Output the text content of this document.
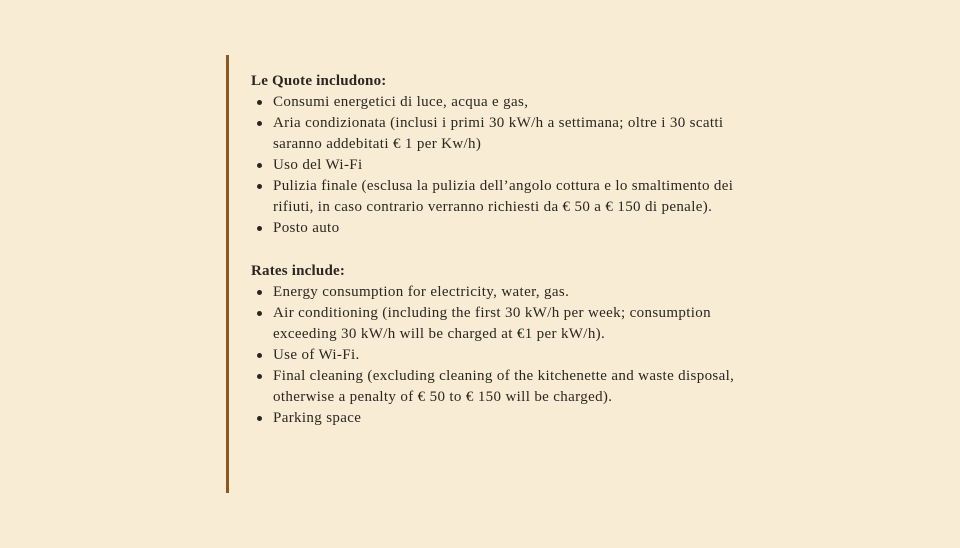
Le Quote includono:

Consumi energetici di luce, acqua e gas,
Aria condizionata (inclusi i primi 30 kW/h a settimana; oltre i 30 scatti saranno addebitati € 1 per Kw/h)
Uso del Wi-Fi
Pulizia finale (esclusa la pulizia dell’angolo cottura e lo smaltimento dei rifiuti, in caso contrario verranno richiesti da € 50 a € 150 di penale).
Posto auto

Rates include:

Energy consumption for electricity, water, gas.
Air conditioning (including the first 30 kW/h per week; consumption exceeding 30 kW/h will be charged at €1 per kW/h).
Use of Wi-Fi.
Final cleaning (excluding cleaning of the kitchenette and waste disposal, otherwise a penalty of € 50 to € 150 will be charged).
Parking space
